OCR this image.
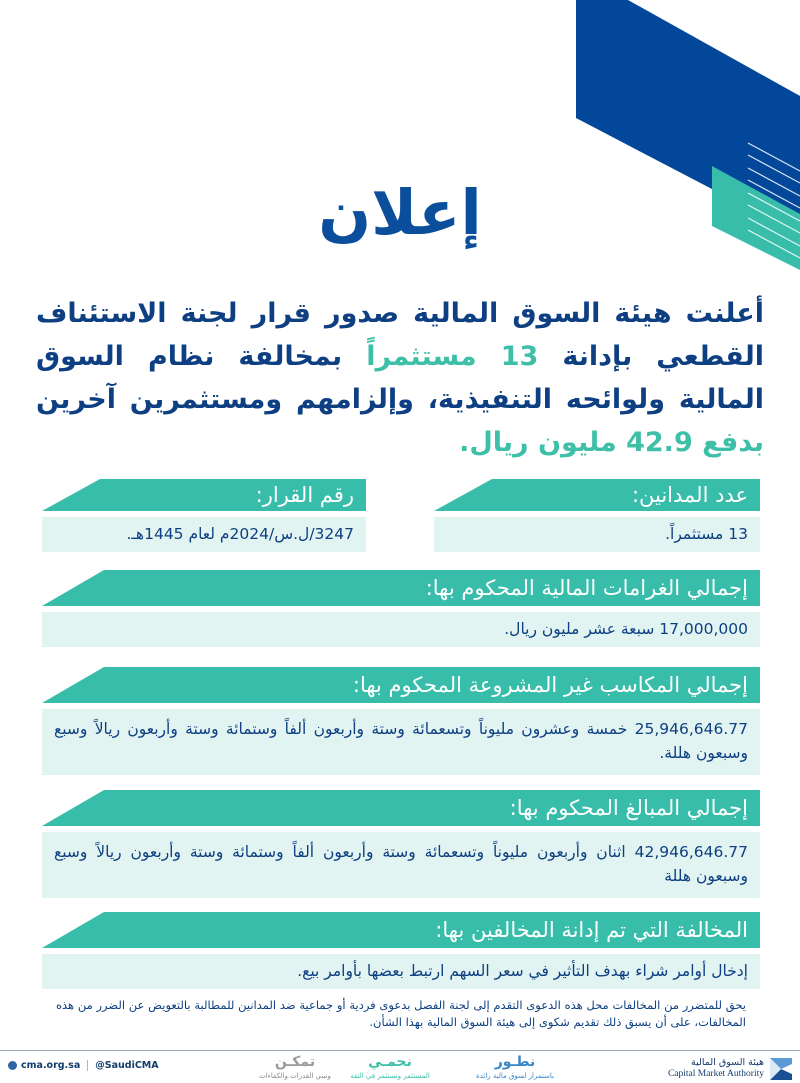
إعلان
أعلنت هيئة السوق المالية صدور قرار لجنة الاستئناف القطعي بإدانة 13 مستثمراً بمخالفة نظام السوق المالية ولوائحه التنفيذية، وإلزامهم ومستثمرين آخرين بدفع 42.9 مليون ريال.
عدد المدانين:
13 مستثمراً.
رقم القرار:
3247/ل.س/2024م لعام 1445هـ.
إجمالي الغرامات المالية المحكوم بها:
17,000,000 سبعة عشر مليون ريال.
إجمالي المكاسب غير المشروعة المحكوم بها:
25,946,646.77 خمسة وعشرون مليوناً وتسعمائة وستة وأربعون ألفاً وستمائة وستة وأربعون ريالاً وسبع وسبعون هللة.
إجمالي المبالغ المحكوم بها:
42,946,646.77 اثنان وأربعون مليوناً وتسعمائة وستة وأربعون ألفاً وستمائة وستة وأربعون ريالاً وسبع وسبعون هللة
المخالفة التي تم إدانة المخالفين بها:
إدخال أوامر شراء بهدف التأثير في سعر السهم ارتبط بعضها بأوامر بيع.
يحق للمتضرر من المخالفات محل هذه الدعوى التقدم إلى لجنة الفصل بدعوى فردية أو جماعية ضد المدانين للمطالبة بالتعويض عن الضرر من هذه المخالفات، على أن يسبق ذلك تقديم شكوى إلى هيئة السوق المالية بهذا الشأن.
cma.org.sa @SaudiCMA	تمكـن
ونبني القدرات والكفاءات
نحمـي
المستثمر ونستثمر في الثقة
نطـور
باستمرار لسوق مالية رائدة
هيئة السوق المالية
Capital Market Authority
